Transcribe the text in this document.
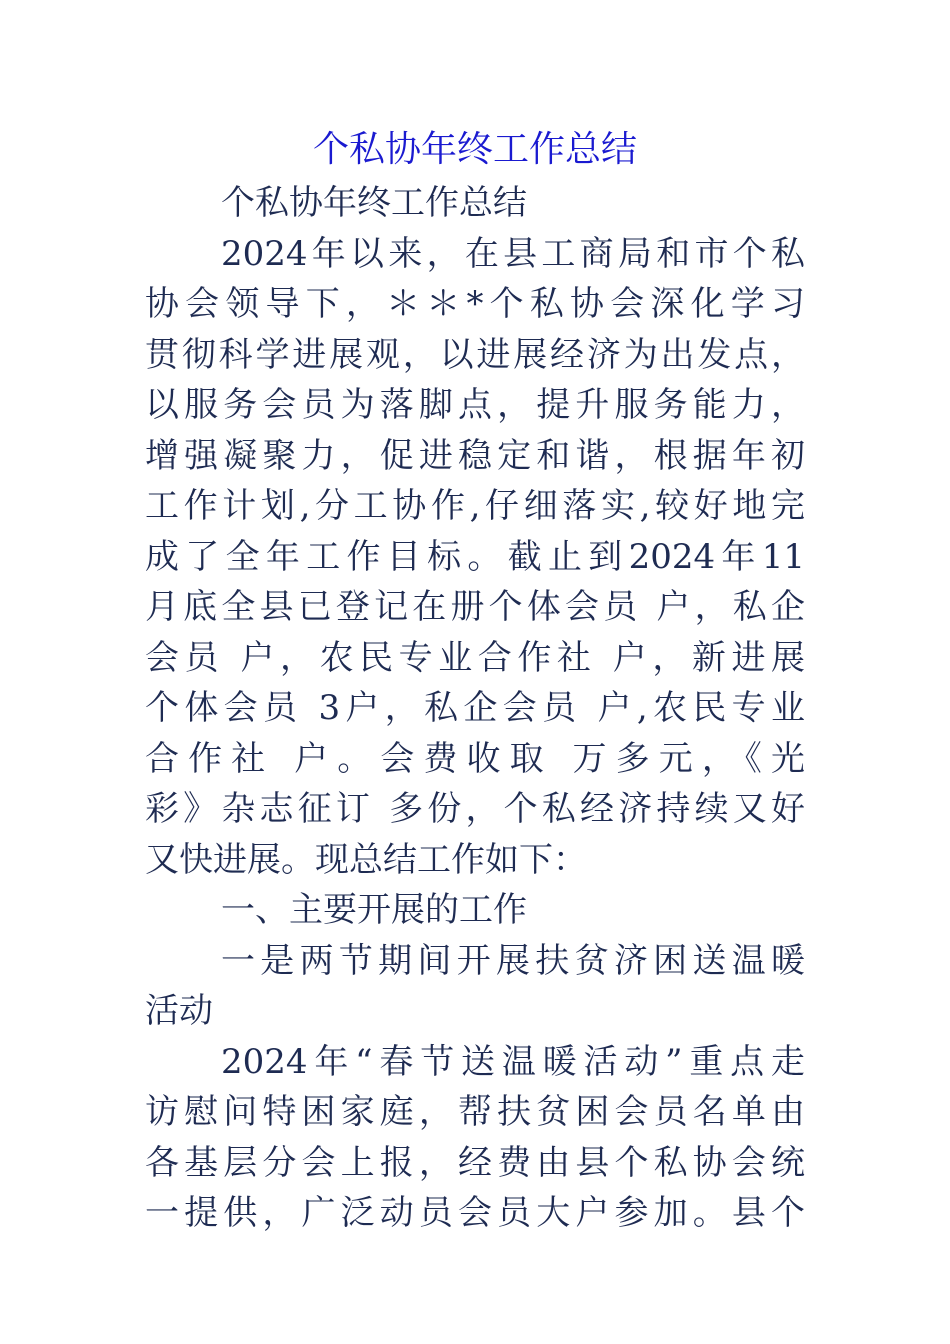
个私协年终工作总结
个私协年终工作总结
2024年以来，在县工商局和市个私
协会领导下，＊＊*个私协会深化学习
贯彻科学进展观，以进展经济为出发点，
以服务会员为落脚点，提升服务能力，
增强凝聚力，促进稳定和谐，根据年初
工作计划,分工协作,仔细落实,较好地完
成了全年工作目标。截止到2024年11
月底全县已登记在册个体会员 户，私企
会员 户，农民专业合作社 户，新进展
个体会员 3户，私企会员 户,农民专业
合作社 户。会费收取 万多元，《光
彩》杂志征订 多份，个私经济持续又好
又快进展。现总结工作如下：
一、主要开展的工作
一是两节期间开展扶贫济困送温暖
活动
2024年“春节送温暖活动”重点走
访慰问特困家庭，帮扶贫困会员名单由
各基层分会上报，经费由县个私协会统
一提供，广泛动员会员大户参加。县个
